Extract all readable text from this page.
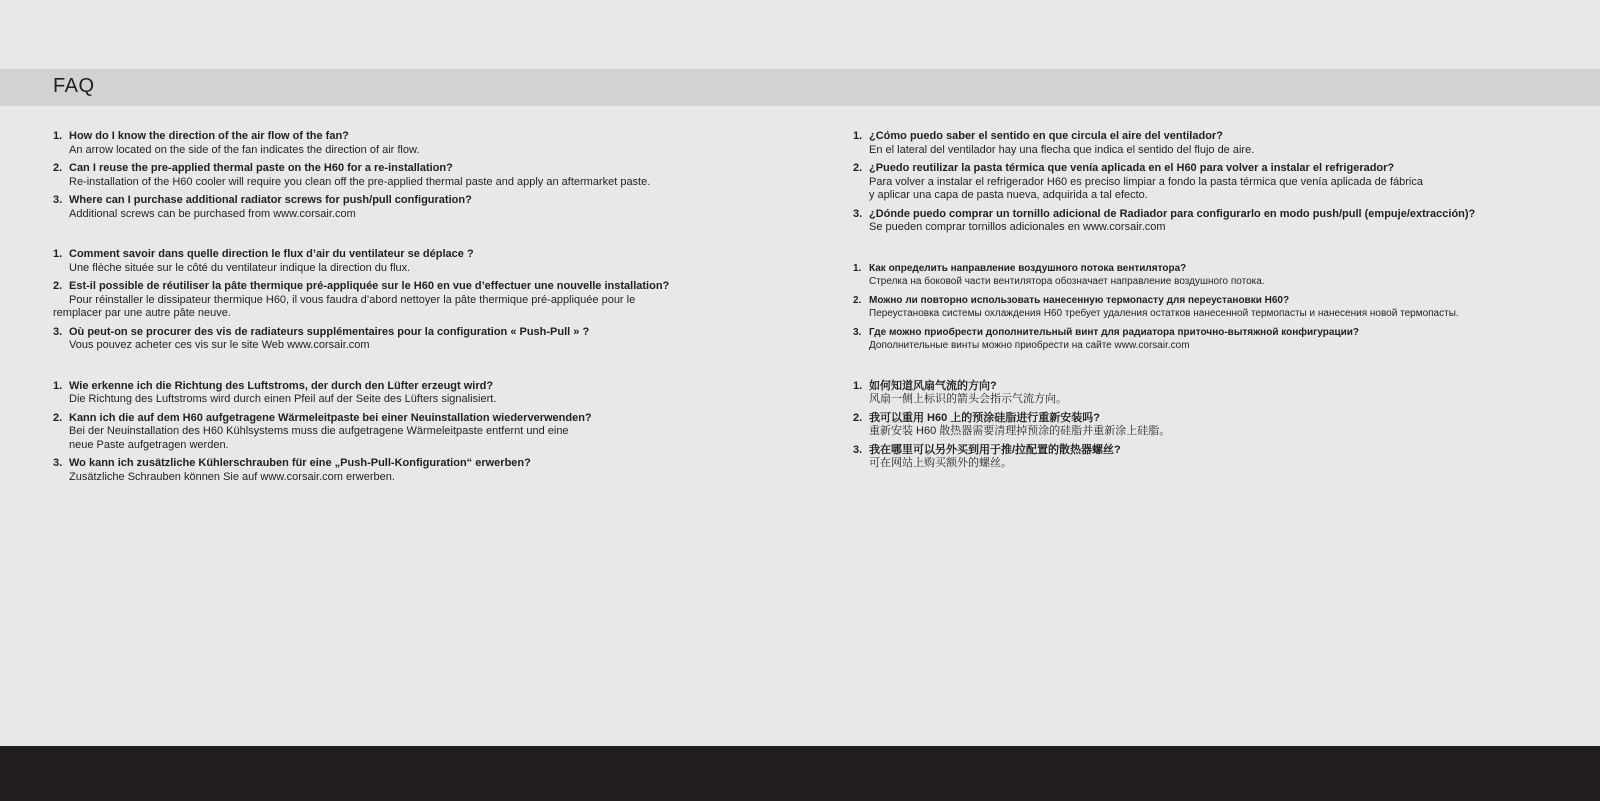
FAQ
1. How do I know the direction of the air flow of the fan?
An arrow located on the side of the fan indicates the direction of air flow.
2. Can I reuse the pre-applied thermal paste on the H60 for a re-installation?
Re-installation of the H60 cooler will require you clean off the pre-applied thermal paste and apply an aftermarket paste.
3. Where can I purchase additional radiator screws for push/pull configuration?
Additional screws can be purchased from www.corsair.com
1. Comment savoir dans quelle direction le flux d’air du ventilateur se déplace ?
Une flèche située sur le côté du ventilateur indique la direction du flux.
2. Est-il possible de réutiliser la pâte thermique pré-appliquée sur le H60 en vue d’effectuer une nouvelle installation?
Pour réinstaller le dissipateur thermique H60, il vous faudra d’abord nettoyer la pâte thermique pré-appliquée pour le
remplacer par une autre pâte neuve.
3. Où peut-on se procurer des vis de radiateurs supplémentaires pour la configuration « Push-Pull » ?
Vous pouvez acheter ces vis sur le site Web www.corsair.com
1. Wie erkenne ich die Richtung des Luftstroms, der durch den Lüfter erzeugt wird?
Die Richtung des Luftstroms wird durch einen Pfeil auf der Seite des Lüfters signalisiert.
2. Kann ich die auf dem H60 aufgetragene Wärmeleitpaste bei einer Neuinstallation wiederverwenden?
Bei der Neuinstallation des H60 Kühlsystems muss die aufgetragene Wärmeleitpaste entfernt und eine
neue Paste aufgetragen werden.
3. Wo kann ich zusätzliche Kühlerschrauben für eine „Push-Pull-Konfiguration“ erwerben?
Zusätzliche Schrauben können Sie auf www.corsair.com erwerben.
1. ¿Cómo puedo saber el sentido en que circula el aire del ventilador?
En el lateral del ventilador hay una flecha que indica el sentido del flujo de aire.
2. ¿Puedo reutilizar la pasta térmica que venía aplicada en el H60 para volver a instalar el refrigerador?
Para volver a instalar el refrigerador H60 es preciso limpiar a fondo la pasta térmica que venía aplicada de fábrica
y aplicar una capa de pasta nueva, adquirida a tal efecto.
3. ¿Dónde puedo comprar un tornillo adicional de Radiador para configurarlo en modo push/pull (empuje/extracción)?
Se pueden comprar tornillos adicionales en www.corsair.com
1. Как определить направление воздушного потока вентилятора?
Стрелка на боковой части вентилятора обозначает направление воздушного потока.
2. Можно ли повторно использовать нанесенную термопасту для переустановки H60?
Переустановка системы охлаждения H60 требует удаления остатков нанесенной термопасты и нанесения новой термопасты.
3. Где можно приобрести дополнительный винт для радиатора приточно-вытяжной конфигурации?
Дополнительные винты можно приобрести на сайте www.corsair.com
1. 如何知道风扇气流的方向?
风扇一侧上标识的箭头会指示气流方向。
2. 我可以重用 H60 上的预涂硅脂进行重新安装吗?
重新安装 H60 散热器需要清理掉预涂的硅脂并重新涂上硅脂。
3. 我在哪里可以另外买到用于推/拉配置的散热器螺丝?
可在网站上购买额外的螺丝。
